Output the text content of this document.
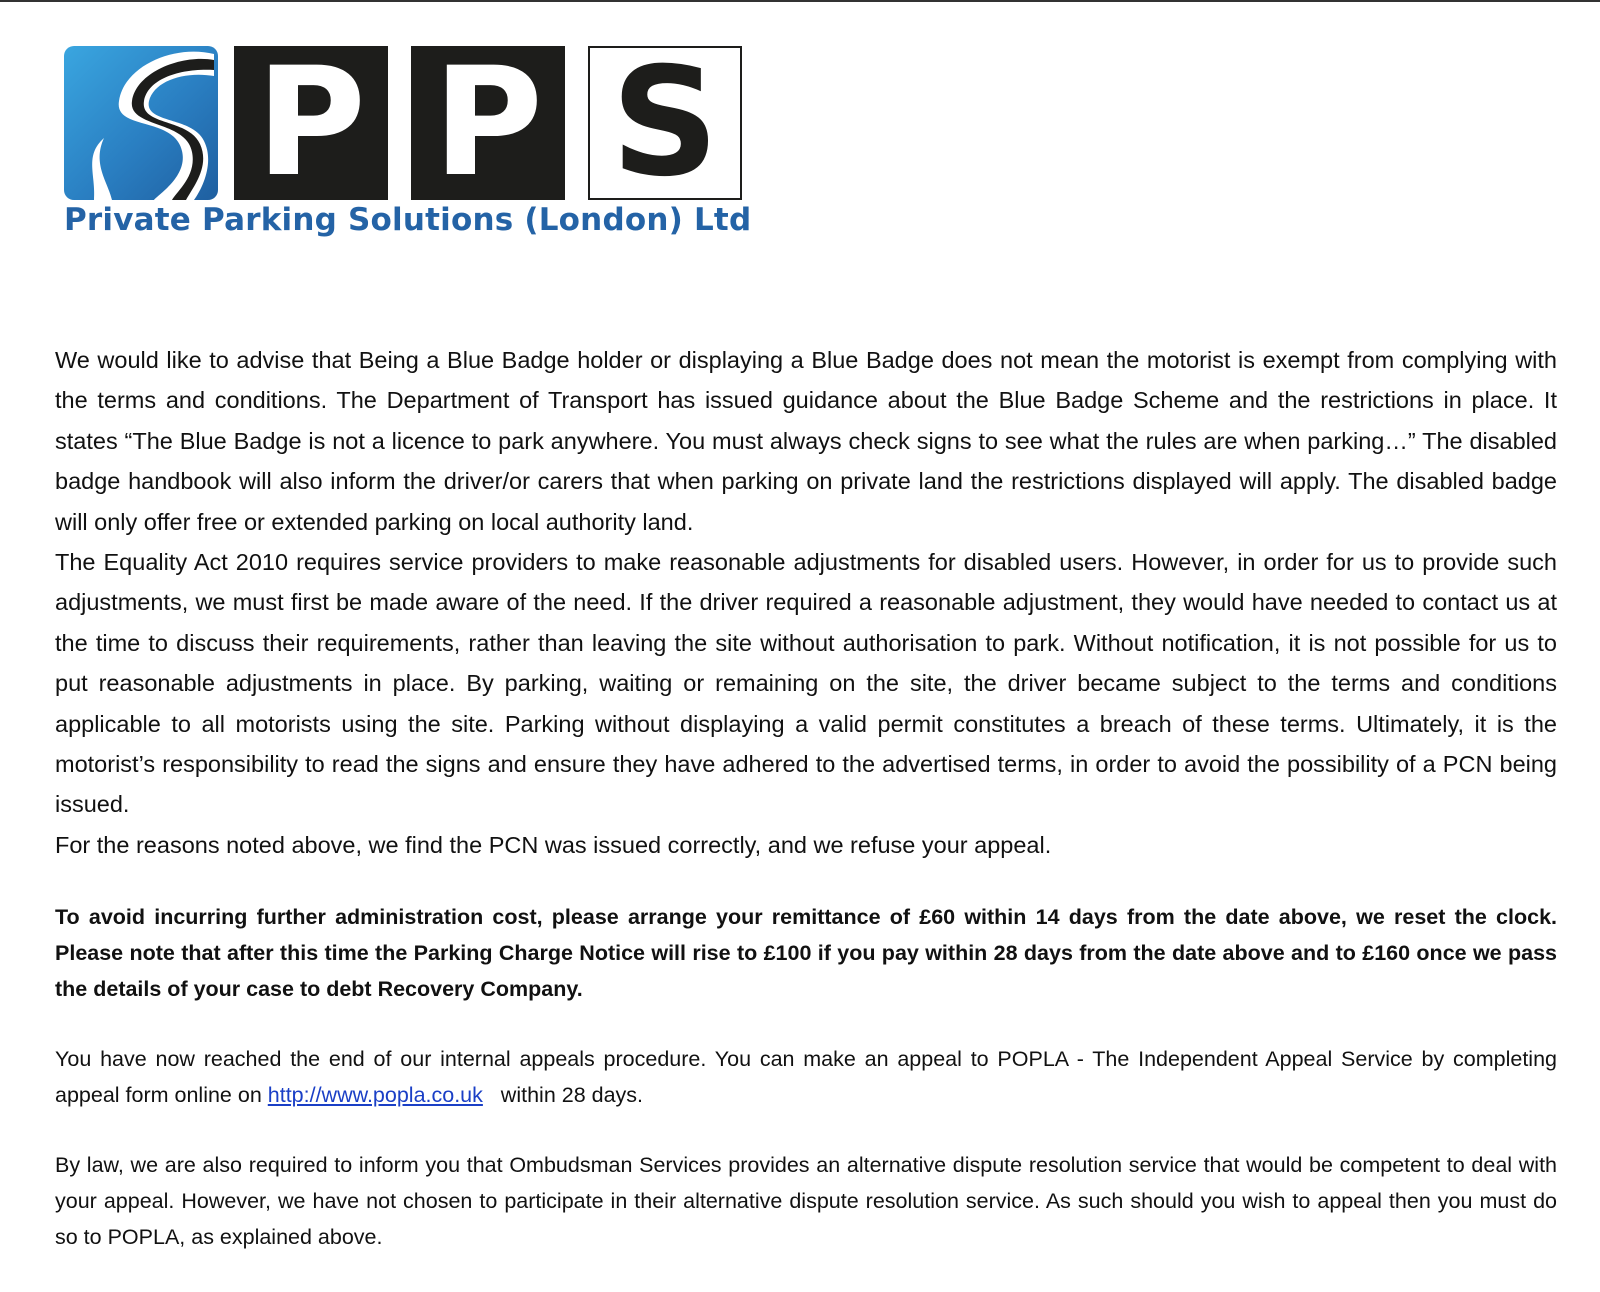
P P S
Private Parking Solutions (London) Ltd

We would like to advise that Being a Blue Badge holder or displaying a Blue Badge does not mean the motorist is exempt from complying with the terms and conditions. The Department of Transport has issued guidance about the Blue Badge Scheme and the restrictions in place. It states “The Blue Badge is not a licence to park anywhere. You must always check signs to see what the rules are when parking…” The disabled badge handbook will also inform the driver/or carers that when parking on private land the restrictions displayed will apply. The disabled badge will only offer free or extended parking on local authority land.

The Equality Act 2010 requires service providers to make reasonable adjustments for disabled users. However, in order for us to provide such adjustments, we must first be made aware of the need. If the driver required a reasonable adjustment, they would have needed to contact us at the time to discuss their requirements, rather than leaving the site without authorisation to park. Without notification, it is not possible for us to put reasonable adjustments in place. By parking, waiting or remaining on the site, the driver became subject to the terms and conditions applicable to all motorists using the site. Parking without displaying a valid permit constitutes a breach of these terms. Ultimately, it is the motorist’s responsibility to read the signs and ensure they have adhered to the advertised terms, in order to avoid the possibility of a PCN being issued.

For the reasons noted above, we find the PCN was issued correctly, and we refuse your appeal.

To avoid incurring further administration cost, please arrange your remittance of £60 within 14 days from the date above, we reset the clock. Please note that after this time the Parking Charge Notice will rise to £100 if you pay within 28 days from the date above and to £160 once we pass the details of your case to debt Recovery Company.

You have now reached the end of our internal appeals procedure. You can make an appeal to POPLA - The Independent Appeal Service by completing appeal form online on http://www.popla.co.uk   within 28 days.

By law, we are also required to inform you that Ombudsman Services provides an alternative dispute resolution service that would be competent to deal with your appeal. However, we have not chosen to participate in their alternative dispute resolution service. As such should you wish to appeal then you must do so to POPLA, as explained above.
